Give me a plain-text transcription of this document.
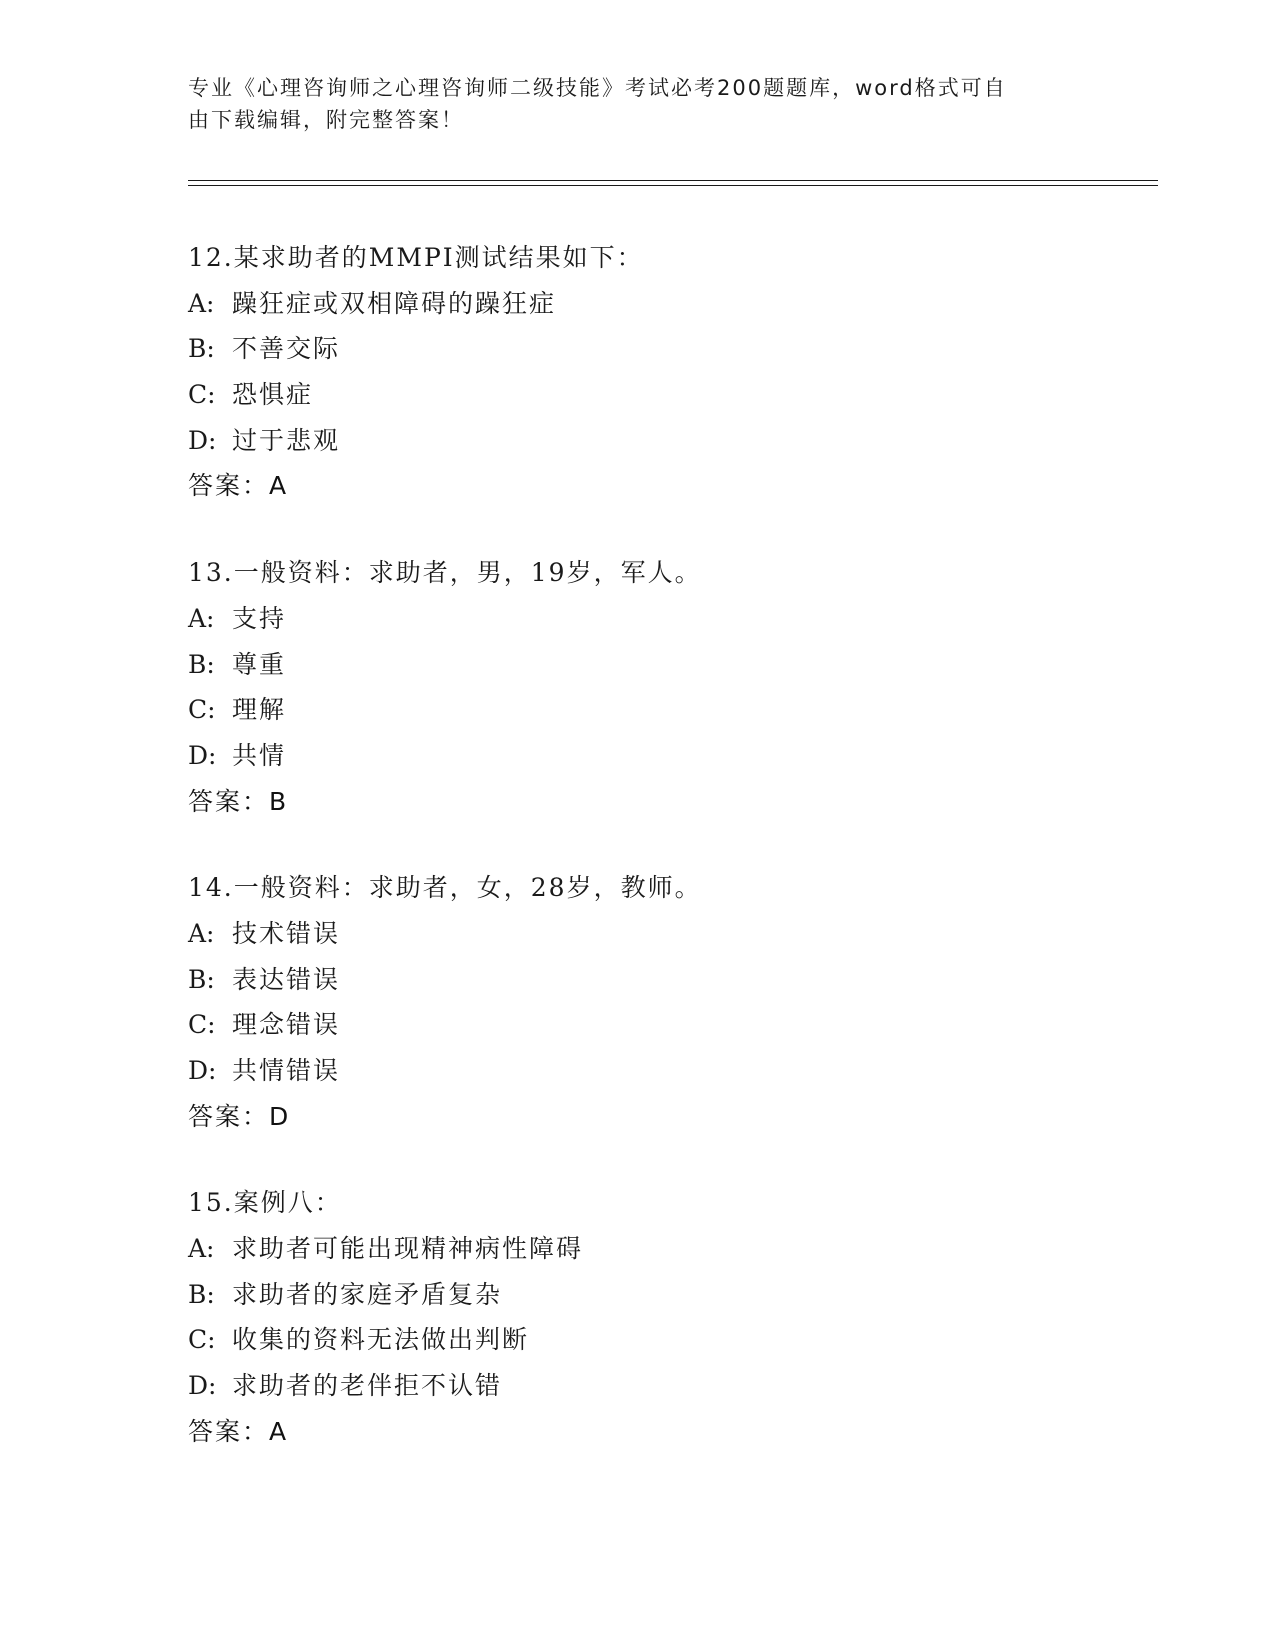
专业《心理咨询师之心理咨询师二级技能》考试必考200题题库，word格式可自
由下载编辑，附完整答案！
12.某求助者的MMPI测试结果如下：
A: 躁狂症或双相障碍的躁狂症
B: 不善交际
C: 恐惧症
D: 过于悲观
答案：A
13.一般资料：求助者，男，19岁，军人。
A: 支持
B: 尊重
C: 理解
D: 共情
答案：B
14.一般资料：求助者，女，28岁，教师。
A: 技术错误
B: 表达错误
C: 理念错误
D: 共情错误
答案：D
15.案例八：
A: 求助者可能出现精神病性障碍
B: 求助者的家庭矛盾复杂
C: 收集的资料无法做出判断
D: 求助者的老伴拒不认错
答案：A
